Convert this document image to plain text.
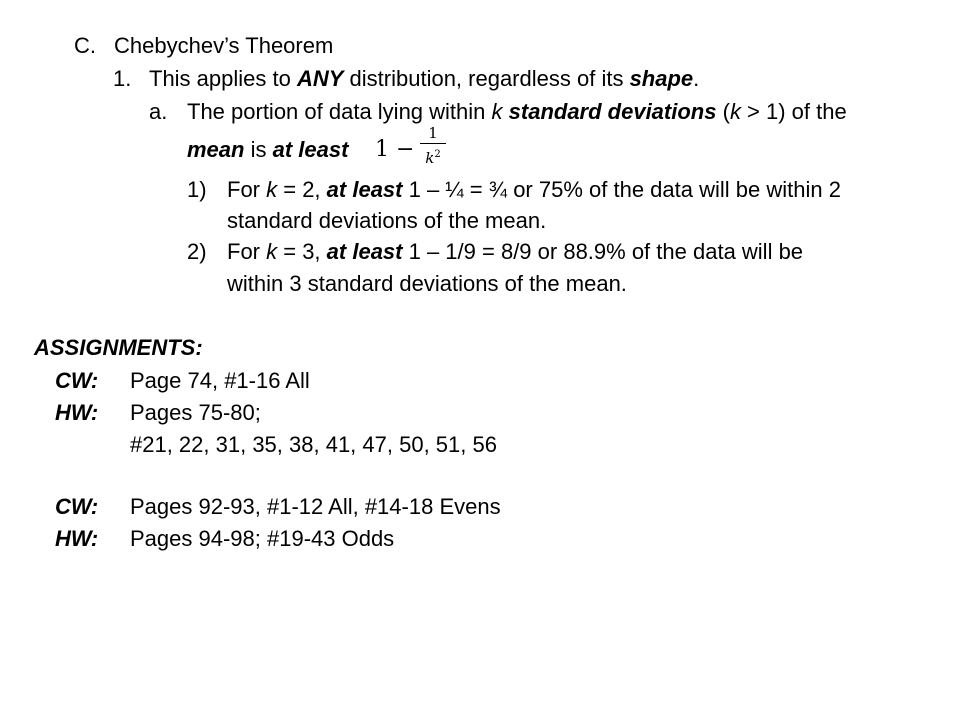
C. Chebychev’s Theorem
1. This applies to ANY distribution, regardless of its shape.
a. The portion of data lying within k standard deviations (k > 1) of the
mean is at least 1 −
1
$k^2$
1) For k = 2, at least 1 – ¼ = ¾ or 75% of the data will be within 2
standard deviations of the mean.
2) For k = 3, at least 1 – 1/9 = 8/9 or 88.9% of the data will be
within 3 standard deviations of the mean.
ASSIGNMENTS:
CW: Page 74, #1-16 All
HW: Pages 75-80;
#21, 22, 31, 35, 38, 41, 47, 50, 51, 56
CW: Pages 92-93, #1-12 All, #14-18 Evens
HW: Pages 94-98; #19-43 Odds
